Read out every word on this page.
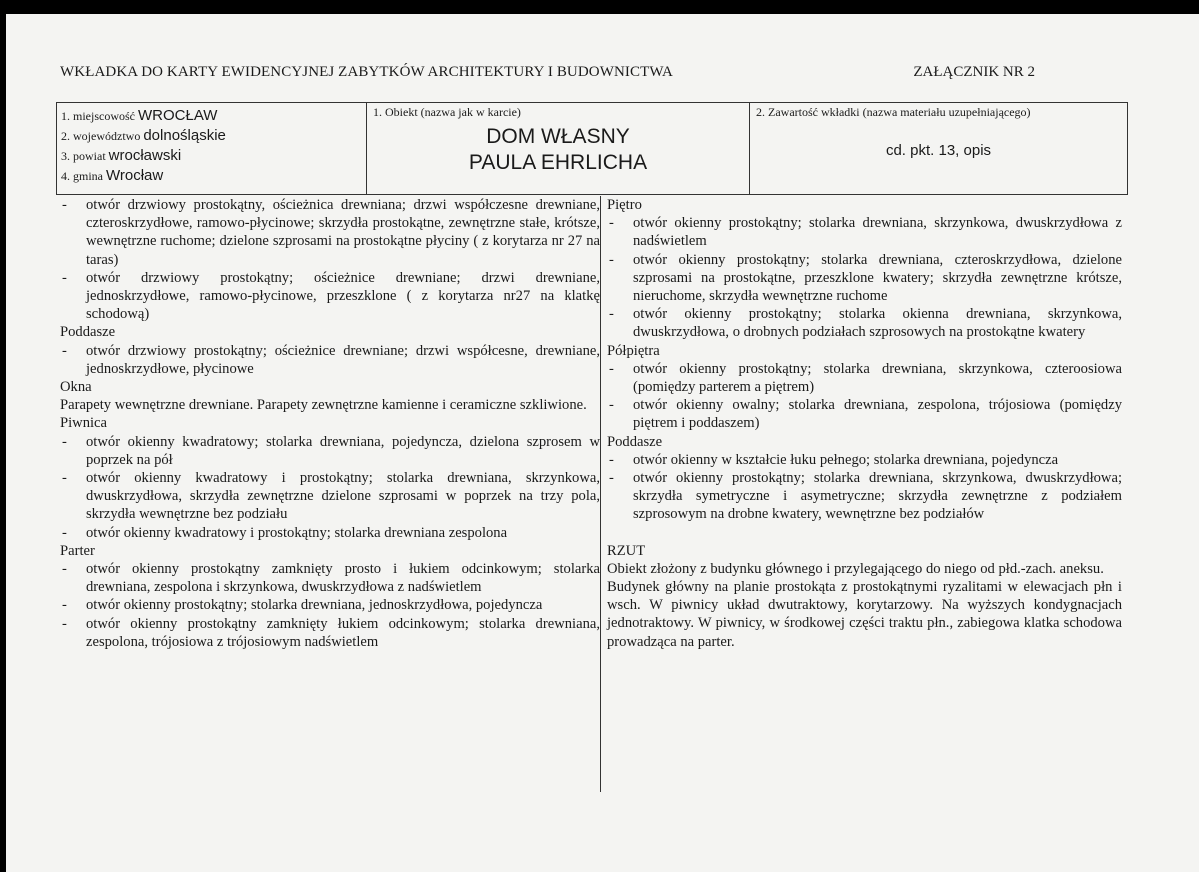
WKŁADKA DO KARTY EWIDENCYJNEJ ZABYTKÓW ARCHITEKTURY I BUDOWNICTWA	ZAŁĄCZNIK NR 2
1. miejscowość WROCŁAW
2. województwo dolnośląskie
3. powiat wrocławski
4. gmina Wrocław
1. Obiekt (nazwa jak w karcie)
DOM WŁASNY
PAULA EHRLICHA
2. Zawartość wkładki (nazwa materiału uzupełniającego)
cd. pkt. 13, opis
- otwór drzwiowy prostokątny, ościeżnica drewniana; drzwi współczesne drewniane, czteroskrzydłowe, ramowo-płycinowe; skrzydła prostokątne, zewnętrzne stałe, krótsze, wewnętrzne ruchome; dzielone szprosami na prostokątne płyciny ( z korytarza nr 27 na taras)
- otwór drzwiowy prostokątny; ościeżnice drewniane; drzwi drewniane, jednoskrzydłowe, ramowo-płycinowe, przeszklone ( z korytarza nr27 na klatkę schodową)
Poddasze
- otwór drzwiowy prostokątny; ościeżnice drewniane; drzwi współcesne, drewniane, jednoskrzydłowe, płycinowe
Okna
Parapety wewnętrzne drewniane. Parapety zewnętrzne kamienne i ceramiczne szkliwione.
Piwnica
- otwór okienny kwadratowy; stolarka drewniana, pojedyncza, dzielona szprosem w poprzek na pół
- otwór okienny kwadratowy i prostokątny; stolarka drewniana, skrzynkowa, dwuskrzydłowa, skrzydła zewnętrzne dzielone szprosami w poprzek na trzy pola, skrzydła wewnętrzne bez podziału
- otwór okienny kwadratowy i prostokątny; stolarka drewniana zespolona
Parter
- otwór okienny prostokątny zamknięty prosto i łukiem odcinkowym; stolarka drewniana, zespolona i skrzynkowa, dwuskrzydłowa z nadświetlem
- otwór okienny prostokątny; stolarka drewniana, jednoskrzydłowa, pojedyncza
- otwór okienny prostokątny zamknięty łukiem odcinkowym; stolarka drewniana, zespolona, trójosiowa z trójosiowym nadświetlem
Piętro
- otwór okienny prostokątny; stolarka drewniana, skrzynkowa, dwuskrzydłowa z nadświetlem
- otwór okienny prostokątny; stolarka drewniana, czteroskrzydłowa, dzielone szprosami na prostokątne, przeszklone kwatery; skrzydła zewnętrzne krótsze, nieruchome, skrzydła wewnętrzne ruchome
- otwór okienny prostokątny; stolarka okienna drewniana, skrzynkowa, dwuskrzydłowa, o drobnych podziałach szprosowych na prostokątne kwatery
Półpiętra
- otwór okienny prostokątny; stolarka drewniana, skrzynkowa, czteroosiowa (pomiędzy parterem a piętrem)
- otwór okienny owalny; stolarka drewniana, zespolona, trójosiowa (pomiędzy piętrem i poddaszem)
Poddasze
- otwór okienny w kształcie łuku pełnego; stolarka drewniana, pojedyncza
- otwór okienny prostokątny; stolarka drewniana, skrzynkowa, dwuskrzydłowa; skrzydła symetryczne i asymetryczne; skrzydła zewnętrzne z podziałem szprosowym na drobne kwatery, wewnętrzne bez podziałów
RZUT
Obiekt złożony z budynku głównego i przylegającego do niego od płd.-zach. aneksu.
Budynek główny na planie prostokąta z prostokątnymi ryzalitami w elewacjach płn i wsch. W piwnicy układ dwutraktowy, korytarzowy. Na wyższych kondygnacjach jednotraktowy. W piwnicy, w środkowej części traktu płn., zabiegowa klatka schodowa prowadząca na parter.
